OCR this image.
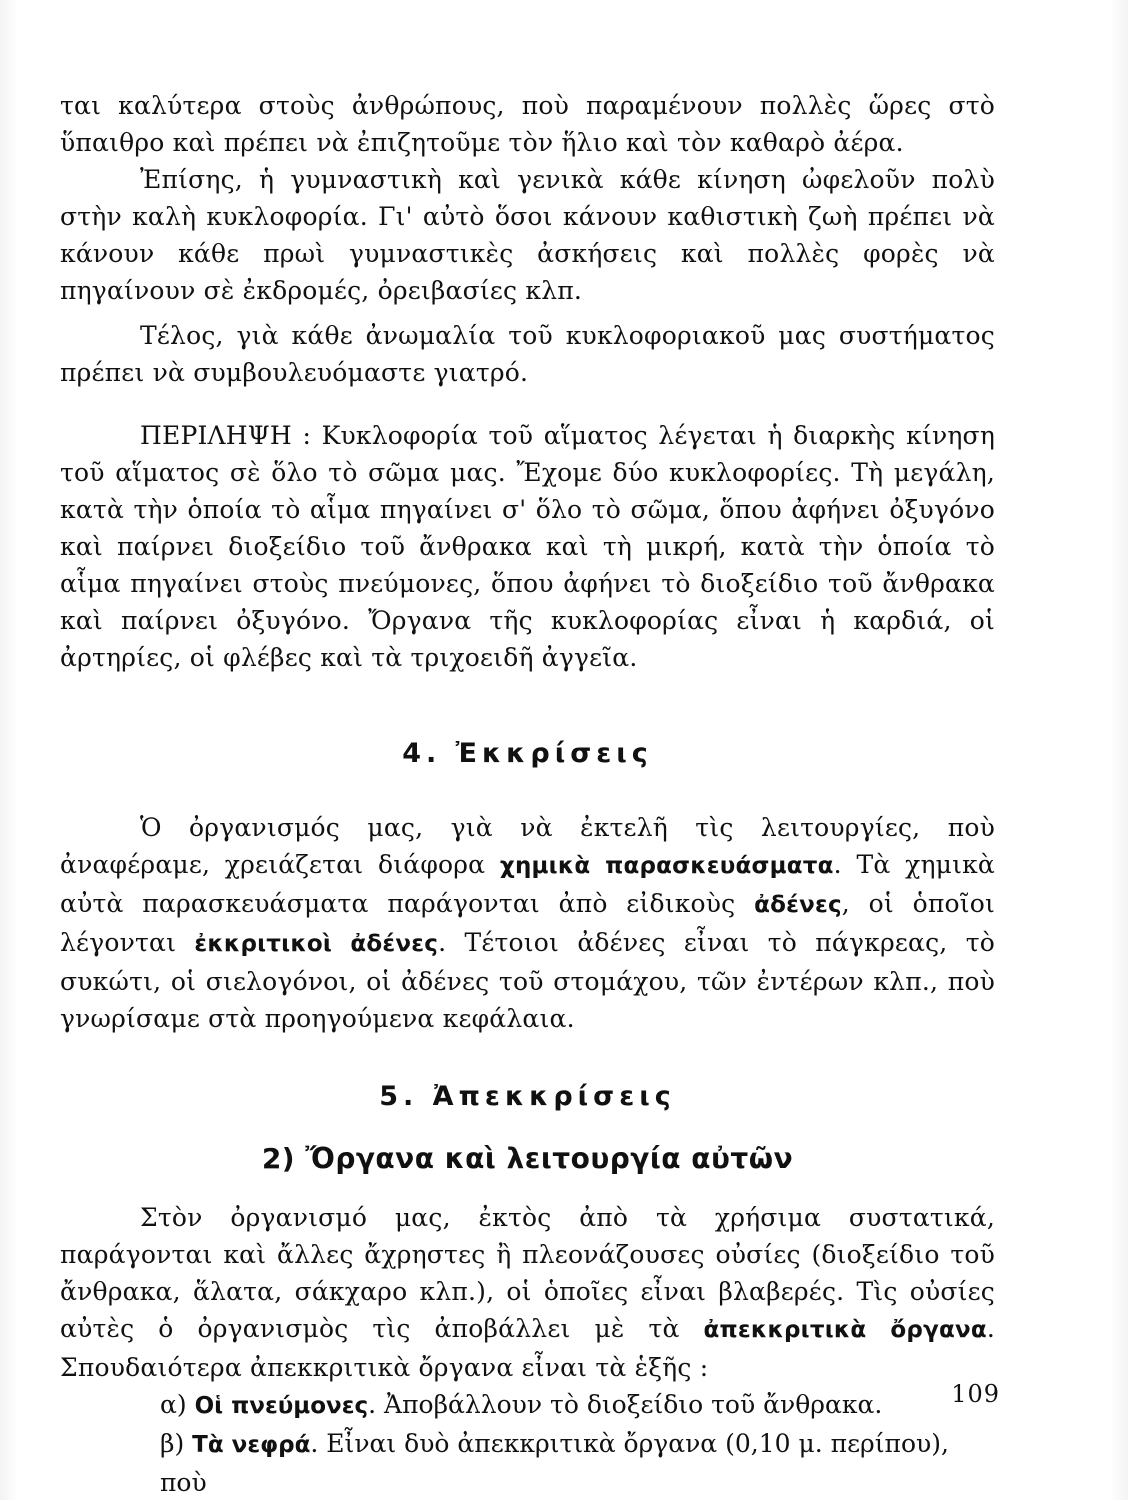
ται καλύτερα στοὺς ἀνθρώπους, ποὺ παραμένουν πολλὲς ὥρες στὸ ὕπαιθρο καὶ πρέπει νὰ ἐπιζητοῦμε τὸν ἥλιο καὶ τὸν καθαρὸ ἀέρα.

Ἐπίσης, ἡ γυμναστικὴ καὶ γενικὰ κάθε κίνηση ὠφελοῦν πολὺ στὴν καλὴ κυκλοφορία. Γι' αὐτὸ ὅσοι κάνουν καθιστικὴ ζωὴ πρέπει νὰ κάνουν κάθε πρωὶ γυμναστικὲς ἀσκήσεις καὶ πολλὲς φορὲς νὰ πηγαίνουν σὲ ἐκδρομές, ὀρειβασίες κλπ.

Τέλος, γιὰ κάθε ἀνωμαλία τοῦ κυκλοφοριακοῦ μας συστήματος πρέπει νὰ συμβουλευόμαστε γιατρό.

ΠΕΡΙΛΗΨΗ : Κυκλοφορία τοῦ αἵματος λέγεται ἡ διαρκὴς κίνηση τοῦ αἵματος σὲ ὅλο τὸ σῶμα μας. Ἔχομε δύο κυκλοφορίες. Τὴ μεγάλη, κατὰ τὴν ὁποία τὸ αἷμα πηγαίνει σ' ὅλο τὸ σῶμα, ὅπου ἀφήνει ὀξυγόνο καὶ παίρνει διοξείδιο τοῦ ἄνθρακα καὶ τὴ μικρή, κατὰ τὴν ὁποία τὸ αἷμα πηγαίνει στοὺς πνεύμονες, ὅπου ἀφήνει τὸ διοξείδιο τοῦ ἄνθρακα καὶ παίρνει ὀξυγόνο. Ὄργανα τῆς κυκλοφορίας εἶναι ἡ καρδιά, οἱ ἀρτηρίες, οἱ φλέβες καὶ τὰ τριχοειδῆ ἀγγεῖα.

4. Ἐκκρίσεις

Ὁ ὀργανισμός μας, γιὰ νὰ ἐκτελῆ τὶς λειτουργίες, ποὺ ἀναφέραμε, χρειάζεται διάφορα χημικὰ παρασκευάσματα. Τὰ χημικὰ αὐτὰ παρασκευάσματα παράγονται ἀπὸ εἰδικοὺς ἀδένες, οἱ ὁποῖοι λέγονται ἐκκριτικοὶ ἀδένες. Τέτοιοι ἀδένες εἶναι τὸ πάγκρεας, τὸ συκώτι, οἱ σιελογόνοι, οἱ ἀδένες τοῦ στομάχου, τῶν ἐντέρων κλπ., ποὺ γνωρίσαμε στὰ προηγούμενα κεφάλαια.

5. Ἀπεκκρίσεις
2) Ὄργανα καὶ λειτουργία αὐτῶν

Στὸν ὀργανισμό μας, ἐκτὸς ἀπὸ τὰ χρήσιμα συστατικά, παράγονται καὶ ἄλλες ἄχρηστες ἢ πλεονάζουσες οὐσίες (διοξείδιο τοῦ ἄνθρακα, ἅλατα, σάκχαρο κλπ.), οἱ ὁποῖες εἶναι βλαβερές. Τὶς οὐσίες αὐτὲς ὁ ὀργανισμὸς τὶς ἀποβάλλει μὲ τὰ ἀπεκκριτικὰ ὄργανα. Σπουδαιότερα ἀπεκκριτικὰ ὄργανα εἶναι τὰ ἑξῆς :

α) Οἱ πνεύμονες. Ἀποβάλλουν τὸ διοξείδιο τοῦ ἄνθρακα.

β) Τὰ νεφρά. Εἶναι δυὸ ἀπεκκριτικὰ ὄργανα (0,10 μ. περίπου), ποὺ

109
